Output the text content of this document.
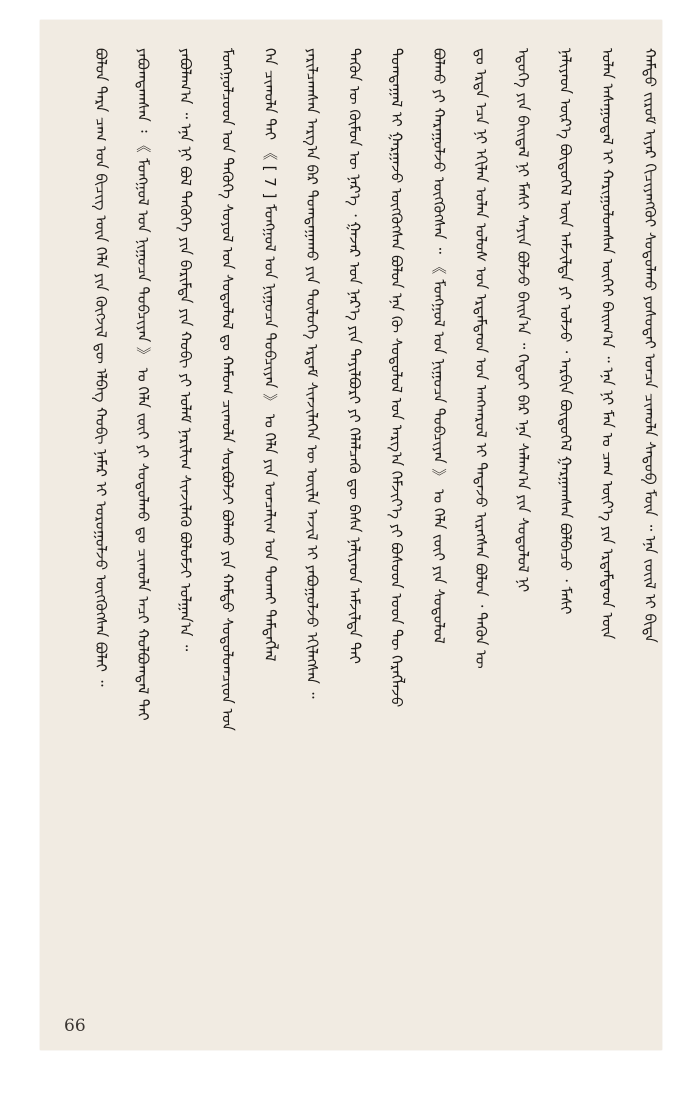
ᠪᠣᠯᠣᠨ ᠲᠡᠷᠡ ᠴᠠᠭ ᠤᠨ ᠪᠢᠴᠢᠭ ᠦᠨ ᠬᠡᠯᠡ ᠶᠢᠨ ᠬᠥᠭᠵᠢᠯ ᠳᠦ ᠡᠯᠪᠡᠭ ᠬᠤᠪᠢ ᠨᠡᠮᠡᠷ ᠢ ᠣᠷᠣᠭᠤᠯᠵᠤ ᠥᠭᠭᠦᠭᠰᠡᠨ ᠪᠣᠯᠠᠢ ᠃ ᠶᠠᠪᠤᠭᠳᠠᠭᠰᠠᠨ ᠄ 《 ᠮᠣᠩᠭᠣᠯ ᠤᠨ ᠨᠢᠭᠤᠴᠠ ᠲᠣᠪᠴᠢᠶᠠᠨ 》 ᠤ ᠬᠡᠯᠡ ᠵᠦᠢ ᠶᠢ ᠰᠤᠳᠤᠯᠬᠤ ᠳᠤ ᠴᠢᠬᠤᠯᠠ ᠠᠴᠢ ᠬᠣᠯᠪᠣᠭᠳᠠᠯ ᠲᠠᠢ ᠶᠠᠪᠤᠯᠠᠭ᠎ᠠ ᠃ ᠡᠨᠡ ᠨᠢ ᠪᠣᠯ ᠲᠡᠭᠦᠬᠡ ᠶᠢᠨ ᠪᠠᠷᠢᠮᠲᠠ ᠶᠢᠨ ᠬᠤᠪᠢ ᠶᠢ ᠤᠯᠠᠮ ᠨᠠᠷᠢᠯᠢᠭ ᠰᠢᠨᠵᠢᠯᠡᠬᠦ ᠪᠣᠯᠤᠮᠵᠢ ᠣᠯᠭᠠᠨ᠎ᠠ ᠃ ᠮᠣᠩᠭᠣᠯᠴᠤᠳ ᠤᠨ ᠲᠡᠭᠦᠬᠡ ᠰᠣᠶᠣᠯ ᠤᠨ ᠰᠤᠳᠤᠯᠤᠯ ᠳᠤ ᠬᠠᠮᠤᠭ ᠴᠢᠬᠤᠯᠠ ᠰᠤᠷᠪᠤᠯᠵᠢ ᠪᠣᠯᠬᠤ ᠶᠢᠨ ᠬᠠᠮᠲᠤ ᠰᠤᠳᠤᠯᠤᠭᠴᠢᠳ ᠤᠨ ᠬᠡᠨ ᠴᠢᠬᠤᠯᠠ ᠲᠠᠢ 《 [ 7 ] ᠮᠣᠩᠭᠣᠯ ᠤᠨ ᠨᠢᠭᠤᠴᠠ ᠲᠣᠪᠴᠢᠶᠠᠨ 》 ᠤ ᠬᠡᠯᠡ ᠶᠢᠨ ᠣᠨᠴᠠᠯᠢᠭ ᠤᠨ ᠲᠤᠬᠠᠢ ᠲᠡᠮᠳᠡᠭᠯᠡᠯ ᠶᠠᠷᠢᠯᠴᠠᠭᠰᠠᠨ ᠠᠷᠭ᠎ᠠ ᠪᠠᠷ ᠲᠣᠭᠲᠠᠭᠠᠬᠤ ᠶᠢᠨ ᠲᠥᠯᠦᠭᠡ ᠡᠷᠳᠡᠮ ᠰᠢᠨᠵᠢᠯᠡᠭᠡᠨ ᠦ ᠦᠢᠯᠡ ᠠᠵᠢᠯ ᠢ ᠶᠠᠪᠤᠭᠤᠯᠵᠤ ᠡᠬᠢᠯᠡᠭᠰᠡᠨ ᠃ ᠲᠡᠭᠦᠨ ᠦ ᠬᠦᠮᠦᠨ ᠦ ᠨᠡᠷ᠎ᠡ ᠂ ᠭᠠᠵᠠᠷ ᠤᠨ ᠨᠡᠷ᠎ᠡ ᠶᠢᠨ ᠲᠠᠶᠢᠯᠪᠤᠷᠢ ᠶᠢ ᠬᠡᠯᠡᠯᠴᠡᠬᠦ ᠳᠦ ᠪᠠᠰᠠ ᠨᠡᠯᠢᠶᠡᠳ ᠠᠮᠵᠢᠯᠲᠠ ᠲᠠᠢ ᠲᠣᠭᠲᠠᠭᠠᠯ ᠢ ᠭᠠᠷᠭᠠᠵᠤ ᠥᠭᠭᠦᠭᠰᠡᠨ ᠪᠣᠯᠤᠨ ᠡᠨᠡ ᠬᠦ ᠰᠤᠳᠤᠯᠤᠯ ᠤᠨ ᠠᠷᠭ᠎ᠠ ᠬᠡᠮᠵᠢᠶ᠎ᠡ ᠶᠢ ᠪᠤᠰᠤᠳ ᠤᠳ ᠲᠦ ᠬᠡᠷᠡᠭᠯᠡᠵᠦ ᠪᠣᠯᠬᠤ ᠶᠢ ᠬᠠᠷᠠᠭᠤᠯᠵᠤ ᠥᠭᠭᠦᠭᠰᠡᠨ ᠃ 《 ᠮᠣᠩᠭᠣᠯ ᠤᠨ ᠨᠢᠭᠤᠴᠠ ᠲᠣᠪᠴᠢᠶᠠᠨ 》 ᠤ ᠬᠡᠯᠡ ᠵᠦᠢ ᠶᠢᠨ ᠰᠤᠳᠤᠯᠤᠯ ᠳᠤ ᠡᠷᠲᠡ ᠡᠴᠡ ᠨᠢ ᠡᠬᠢᠯᠡᠨ ᠣᠯᠠᠨ ᠤᠯᠤᠰ ᠤᠨ ᠡᠷᠳᠡᠮᠲᠡᠳ ᠤᠨ ᠠᠩᠬᠠᠷᠤᠯ ᠢ ᠲᠠᠲᠠᠵᠤ ᠢᠷᠡᠭᠰᠡᠨ ᠪᠣᠯᠤᠨ ᠂ ᠲᠡᠭᠦᠨ ᠦ ᠡᠳᠦᠭᠡ ᠶᠢᠨ ᠪᠠᠢᠳᠠᠯ ᠨᠢ ᠮᠠᠰᠢ ᠰᠠᠶᠢᠨ ᠪᠣᠯᠵᠤ ᠪᠠᠢᠨ᠎ᠠ ᠃ ᠬᠡᠳᠦᠢ ᠪᠡᠷ ᠡᠨᠡ ᠰᠠᠯᠠᠭ᠎ᠠ ᠶᠢᠨ ᠰᠤᠳᠤᠯᠤᠯ ᠨᠢ ᠨᠡᠯᠢᠶᠡᠳ ᠦᠷ᠎ᠡ ᠪᠦᠲᠦᠭᠡᠯ ᠦᠨ ᠠᠮᠵᠢᠯᠲᠠ ᠶᠢ ᠣᠯᠵᠤ ᠂ ᠠᠷᠪᠢᠨ ᠪᠦᠲᠦᠭᠡᠯ ᠭᠠᠷᠭᠠᠭᠰᠠᠨ ᠪᠣᠯᠪᠠᠴᠤ ᠂ ᠮᠠᠰᠢ ᠣᠯᠠᠨ ᠠᠰᠠᠭᠤᠳᠠᠯ ᠢ ᠬᠠᠷᠢᠭᠤᠯᠤᠭᠰᠠᠨ ᠦᠭᠡᠢ ᠪᠠᠢᠭ᠎ᠠ ᠃ ᠡᠨᠡ ᠨᠢ ᠮᠠᠨ ᠤ ᠴᠠᠭ ᠦᠶ᠎ᠡ ᠶᠢᠨ ᠡᠷᠳᠡᠮᠲᠡᠳ ᠦᠨ ᠬᠠᠮᠲᠤ ᠵᠢᠷᠦᠮ ᠢᠶᠡᠷ ᠬᠢᠴᠢᠶᠡᠩᠭᠦᠢ ᠰᠤᠳᠤᠯᠬᠤ ᠶᠤᠰᠤᠲᠠᠢ ᠣᠨᠴᠠ ᠴᠢᠬᠤᠯᠠ ᠰᠡᠳᠦᠪ ᠮᠥᠨ ᠃ ᠡᠨᠡ ᠵᠦᠢᠯ ᠢ ᠪᠢᠳᠡ
66
